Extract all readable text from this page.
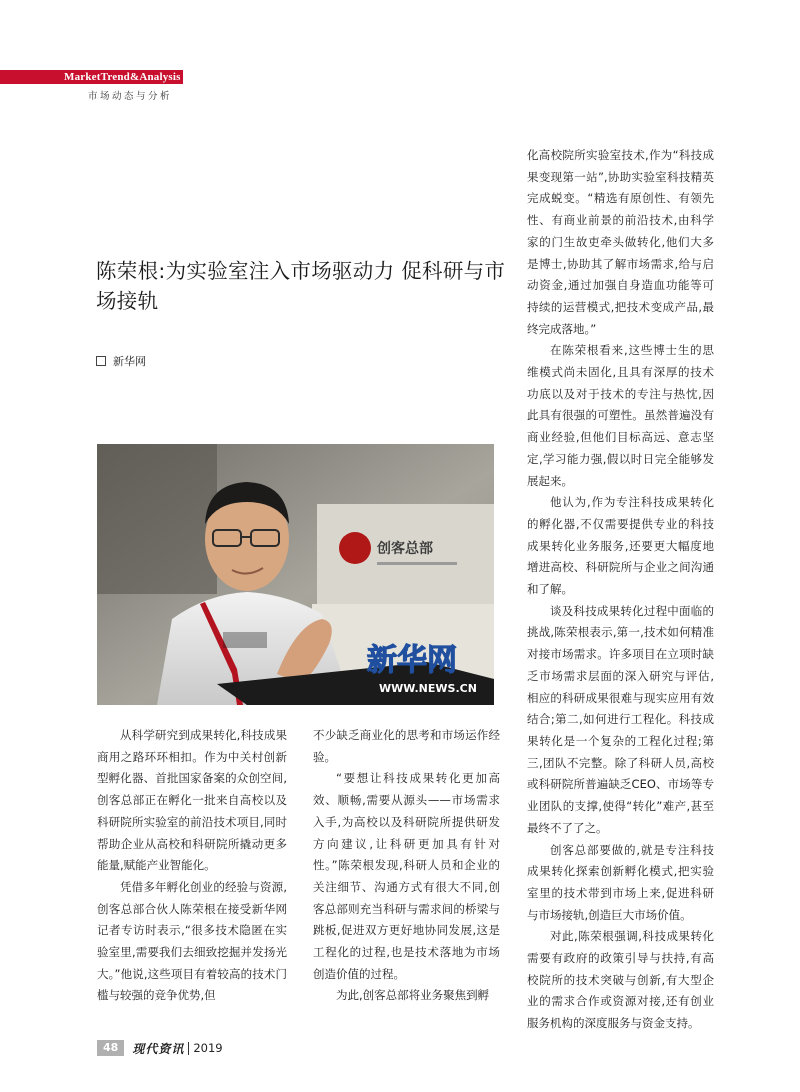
MarketTrend&Analysis
市场动态与分析
陈荣根:为实验室注入市场驱动力 促科研与市场接轨
新华网
创客总部
新华网
WWW.NEWS.CN

化高校院所实验室技术,作为“科技成果变现第一站”,协助实验室科技精英完成蜕变。“精选有原创性、有领先性、有商业前景的前沿技术,由科学家的门生故吏牵头做转化,他们大多是博士,协助其了解市场需求,给与启动资金,通过加强自身造血功能等可持续的运营模式,把技术变成产品,最终完成落地。”

在陈荣根看来,这些博士生的思维模式尚未固化,且具有深厚的技术功底以及对于技术的专注与热忱,因此具有很强的可塑性。虽然普遍没有商业经验,但他们目标高远、意志坚定,学习能力强,假以时日完全能够发展起来。

他认为,作为专注科技成果转化的孵化器,不仅需要提供专业的科技成果转化业务服务,还要更大幅度地增进高校、科研院所与企业之间沟通和了解。

谈及科技成果转化过程中面临的挑战,陈荣根表示,第一,技术如何精准对接市场需求。许多项目在立项时缺乏市场需求层面的深入研究与评估,相应的科研成果很难与现实应用有效结合;第二,如何进行工程化。科技成果转化是一个复杂的工程化过程;第三,团队不完整。除了科研人员,高校或科研院所普遍缺乏CEO、市场等专业团队的支撑,使得“转化”难产,甚至最终不了了之。

创客总部要做的,就是专注科技成果转化探索创新孵化模式,把实验室里的技术带到市场上来,促进科研与市场接轨,创造巨大市场价值。

对此,陈荣根强调,科技成果转化需要有政府的政策引导与扶持,有高校院所的技术突破与创新,有大型企业的需求合作或资源对接,还有创业服务机构的深度服务与资金支持。

从科学研究到成果转化,科技成果商用之路环环相扣。作为中关村创新型孵化器、首批国家备案的众创空间,创客总部正在孵化一批来自高校以及科研院所实验室的前沿技术项目,同时帮助企业从高校和科研院所撬动更多能量,赋能产业智能化。

凭借多年孵化创业的经验与资源,创客总部合伙人陈荣根在接受新华网记者专访时表示,“很多技术隐匿在实验室里,需要我们去细致挖掘并发扬光大。”他说,这些项目有着较高的技术门槛与较强的竞争优势,但

不少缺乏商业化的思考和市场运作经验。

“要想让科技成果转化更加高效、顺畅,需要从源头——市场需求入手,为高校以及科研院所提供研发方向建议,让科研更加具有针对性。”陈荣根发现,科研人员和企业的关注细节、沟通方式有很大不同,创客总部则充当科研与需求间的桥梁与跳板,促进双方更好地协同发展,这是工程化的过程,也是技术落地为市场创造价值的过程。

为此,创客总部将业务聚焦到孵

48	现代资讯 2019
